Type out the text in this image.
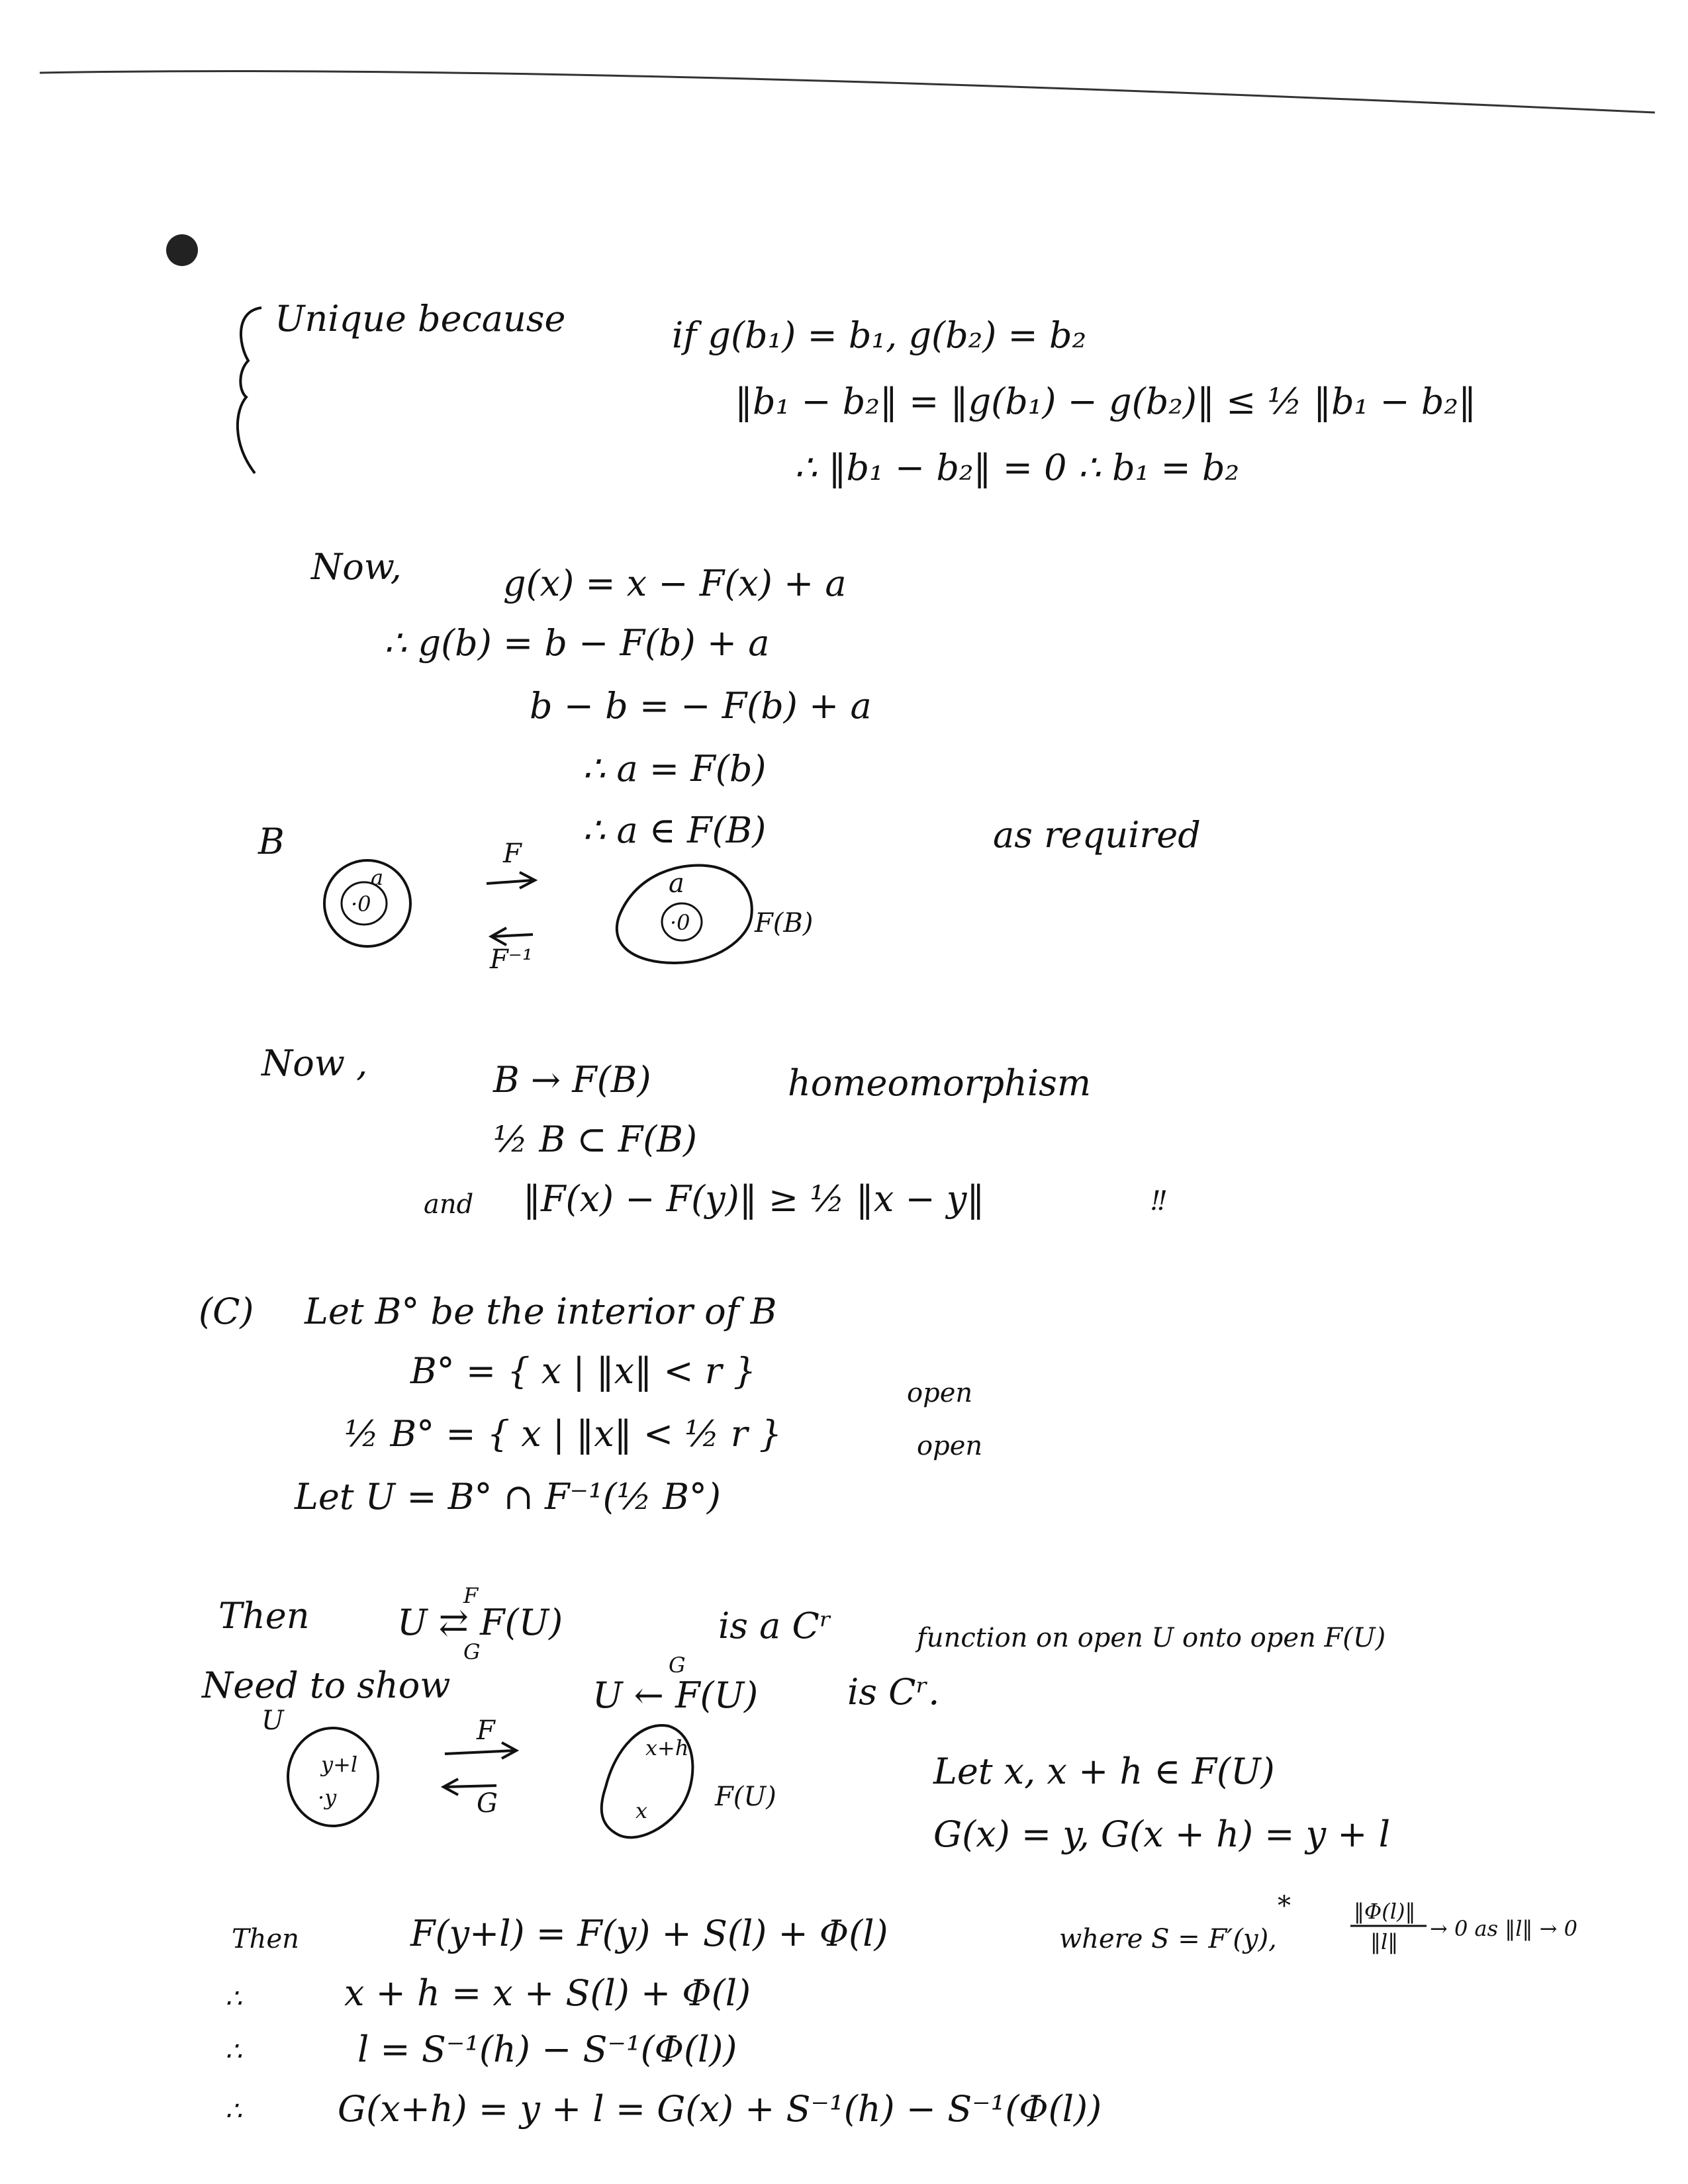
Unique because	if g(b₁) = b₁, g(b₂) = b₂
‖b₁ − b₂‖ = ‖g(b₁) − g(b₂)‖ ≤ ½ ‖b₁ − b₂‖
∴ ‖b₁ − b₂‖ = 0 ∴ b₁ = b₂
Now,	g(x) = x − F(x) + a
∴ g(b) = b − F(b) + a
b − b = − F(b) + a
∴ a = F(b)
∴ a ∈ F(B)	as required
B
a
·0
F
F⁻¹
a
·0 F(B)
Now ,	B → F(B)	homeomorphism
½ B ⊂ F(B)
and ‖F(x) − F(y)‖ ≥ ½ ‖x − y‖	‼
(C) Let B° be the interior of B
B° = { x | ‖x‖ < r }
open
½ B° = { x | ‖x‖ < ½ r }	open
Let U = B° ∩ F⁻¹(½ B°)
Then	F
U ⇄ F(U)
G
is a Cʳ	function on open U onto open F(U)
Need to show	G
U ← F(U) is Cʳ.
U
y+l
·y
F
G
x+h
x	F(U)
Let x, x + h ∈ F(U)
G(x) = y, G(x + h) = y + l
Then	F(y+l) = F(y) + S(l) + Φ(l)	where S = F′(y),
*	‖Φ(l)‖
‖l‖
→ 0 as ‖l‖ → 0
x + h = x + S(l) + Φ(l)
l = S⁻¹(h) − S⁻¹(Φ(l))
G(x+h) = y + l = G(x) + S⁻¹(h) − S⁻¹(Φ(l))
∴
∴
∴
